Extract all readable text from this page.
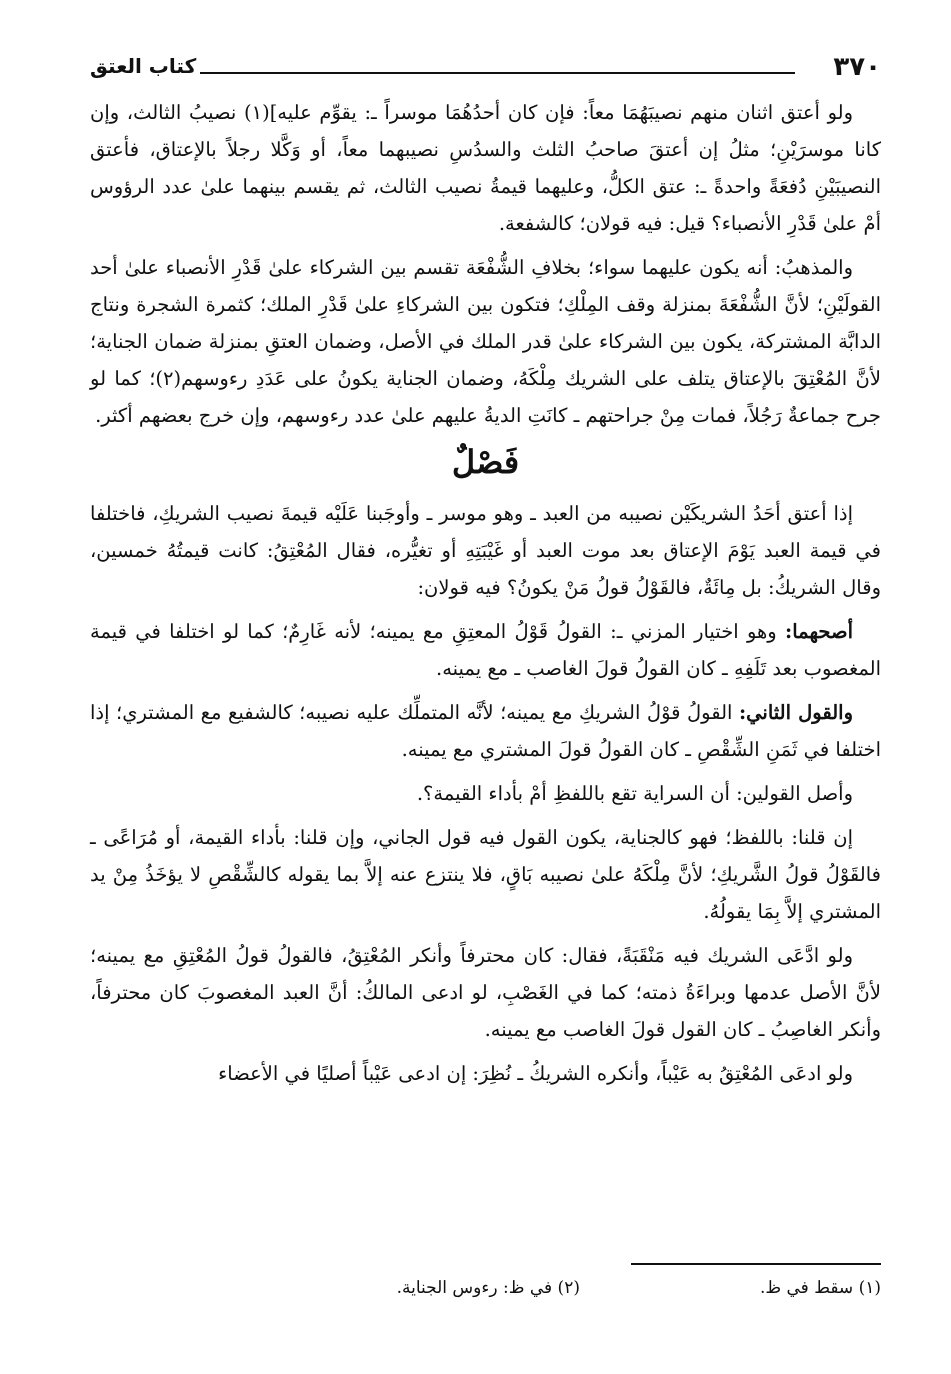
٣٧٠
كتاب العتق

ولو أعتق اثنان منهم نصيبَهُمَا معاً: فإن كان أحدُهُمَا موسراً ـ: يقوِّم عليه](١) نصيبُ الثالث، وإن كانا موسرَيْنِ؛ مثلُ إن أعتقَ صاحبُ الثلث والسدُسِ نصيبهما معاً، أو وَكَّلا رجلاً بالإعتاق، فأعتق النصيبَيْنِ دُفعَةً واحدةً ـ: عتق الكلُّ، وعليهما قيمةُ نصيب الثالث، ثم يقسم بينهما علىٰ عدد الرؤوس أمْ علىٰ قَدْرِ الأنصباء؟ قيل: فيه قولان؛ كالشفعة.

والمذهبُ: أنه يكون عليهما سواء؛ بخلافِ الشُّفْعَة تقسم بين الشركاء علىٰ قَدْرِ الأنصباء علىٰ أحد القولَيْنِ؛ لأنَّ الشُّفْعَةَ بمنزلة وقف المِلْكِ؛ فتكون بين الشركاءِ علىٰ قَدْرِ الملك؛ كثمرة الشجرة ونتاج الدابَّة المشتركة، يكون بين الشركاء علىٰ قدر الملك في الأصل، وضمان العتقِ بمنزلة ضمان الجناية؛ لأنَّ المُعْتِقَ بالإعتاق يتلف على الشريك مِلْكَهُ، وضمان الجناية يكونُ على عَدَدِ رءوسهم(٢)؛ كما لو جرح جماعةٌ رَجُلاً، فمات مِنْ جراحتهم ـ كانَتِ الديةُ عليهم علىٰ عدد رءوسهم، وإن خرج بعضهم أكثر.

فَصْلٌ

إذا أعتق أحَدُ الشريكَيْن نصيبه من العبد ـ وهو موسر ـ وأوجَبنا عَلَيْه قيمةَ نصيب الشريكِ، فاختلفا في قيمة العبد يَوْمَ الإعتاق بعد موت العبد أو غَيْبَتِهِ أو تغيُّره، فقال المُعْتِقُ: كانت قيمتُهُ خمسين، وقال الشريكُ: بل مِائَةٌ، فالقَوْلُ قولُ مَنْ يكونُ؟ فيه قولان:

أصحهما: وهو اختيار المزني ـ: القولُ قَوْلُ المعتِقِ مع يمينه؛ لأنه غَارِمٌ؛ كما لو اختلفا في قيمة المغصوب بعد تَلَفِهِ ـ كان القولُ قولَ الغاصب ـ مع يمينه.

والقول الثاني: القولُ قوْلُ الشريكِ مع يمينه؛ لأنَّه المتملِّك عليه نصيبه؛ كالشفيع مع المشتري؛ إذا اختلفا في ثَمَنِ الشِّقْصِ ـ كان القولُ قولَ المشتري مع يمينه.

وأصل القولين: أن السراية تقع باللفظِ أمْ بأداء القيمة؟.

إن قلنا: باللفظ؛ فهو كالجناية، يكون القول فيه قول الجاني، وإن قلنا: بأداء القيمة، أو مُرَاعًى ـ فالقَوْلُ قولُ الشَّريكِ؛ لأنَّ مِلْكَهُ علىٰ نصيبه بَاقٍ، فلا ينتزع عنه إلاَّ بما يقوله كالشِّقْصِ لا يؤخَذُ مِنْ يد المشتري إلاَّ بِمَا يقولُهُ.

ولو ادَّعَى الشريك فيه مَنْقَبَةً، فقال: كان محترفاً وأنكر المُعْتِقُ، فالقولُ قولُ المُعْتِقِ مع يمينه؛ لأنَّ الأصل عدمها وبراءَةُ ذمته؛ كما في الغَصْبِ، لو ادعى المالكُ: أنَّ العبد المغصوبَ كان محترفاً، وأنكر الغاصِبُ ـ كان القول قولَ الغاصب مع يمينه.

ولو ادعَى المُعْتِقُ به عَيْباً، وأنكره الشريكُ ـ نُظِرَ: إن ادعى عَيْباً أصليًا في الأعضاء

(١) سقط في ظ.
(٢) في ظ: رءوس الجناية.
